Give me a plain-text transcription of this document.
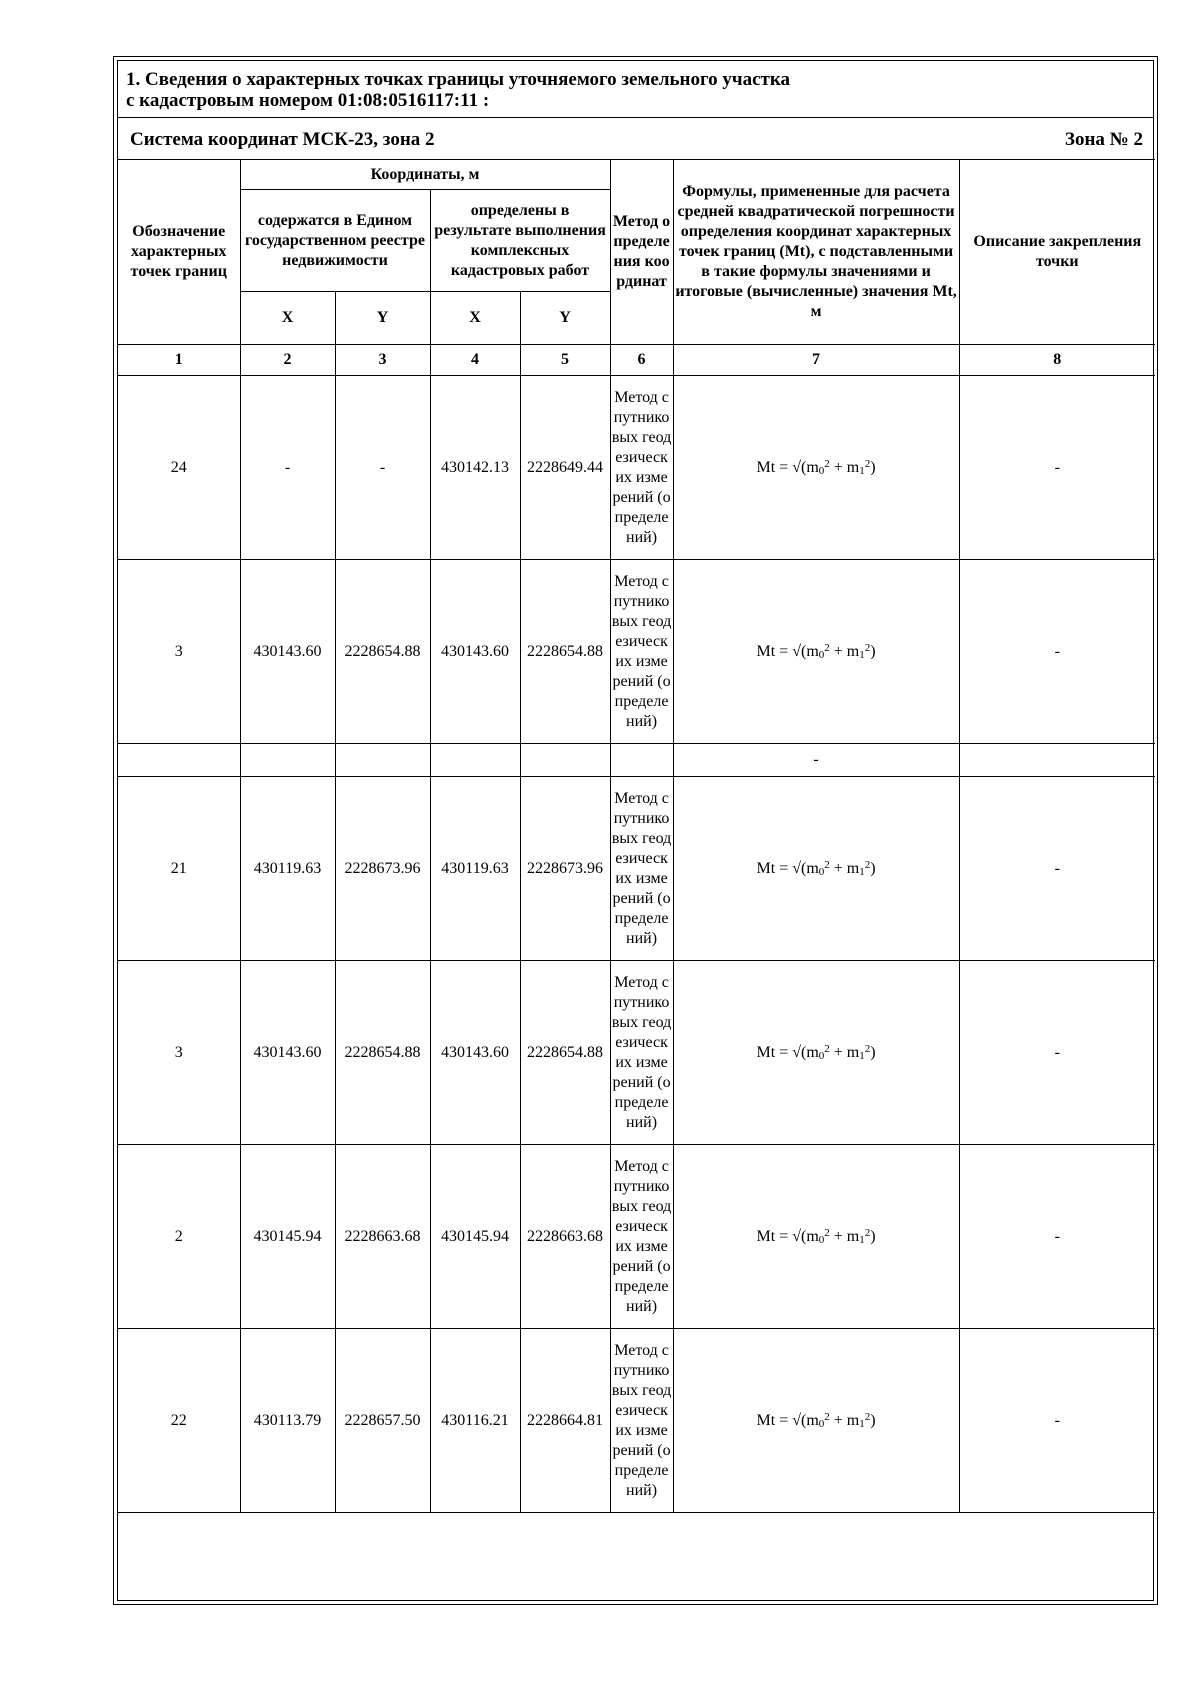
1. Сведения о характерных точках границы уточняемого земельного участка
с кадастровым номером 01:08:0516117:11 :
Система координат МСК-23, зона 2	Зона № 2
Обозначение характерных точек границ	Координаты, м				Метод определения координат	Формулы, примененные для расчета средней квадратической погрешности определения координат характерных точек границ (Mt), с подставленными в такие формулы значениями и итоговые (вычисленные) значения Mt, м	Описание закрепления точки
	содержатся в Едином государственном реестре недвижимости		определены в результате выполнения комплексных кадастровых работ				
	X	Y	X	Y			
1	2	3	4	5	6	7	8
24	-	-	430142.13	2228649.44	Метод спутниковых геодезических измерений (определений)	$Mt = √(m_0^2 + m_1^2)$	-
3	430143.60	2228654.88	430143.60	2228654.88	Метод спутниковых геодезических измерений (определений)	$Mt = √(m_0^2 + m_1^2)$	-
						-	
21	430119.63	2228673.96	430119.63	2228673.96	Метод спутниковых геодезических измерений (определений)	$Mt = √(m_0^2 + m_1^2)$	-
3	430143.60	2228654.88	430143.60	2228654.88	Метод спутниковых геодезических измерений (определений)	$Mt = √(m_0^2 + m_1^2)$	-
2	430145.94	2228663.68	430145.94	2228663.68	Метод спутниковых геодезических измерений (определений)	$Mt = √(m_0^2 + m_1^2)$	-
22	430113.79	2228657.50	430116.21	2228664.81	Метод спутниковых геодезических измерений (определений)	$Mt = √(m_0^2 + m_1^2)$	-
